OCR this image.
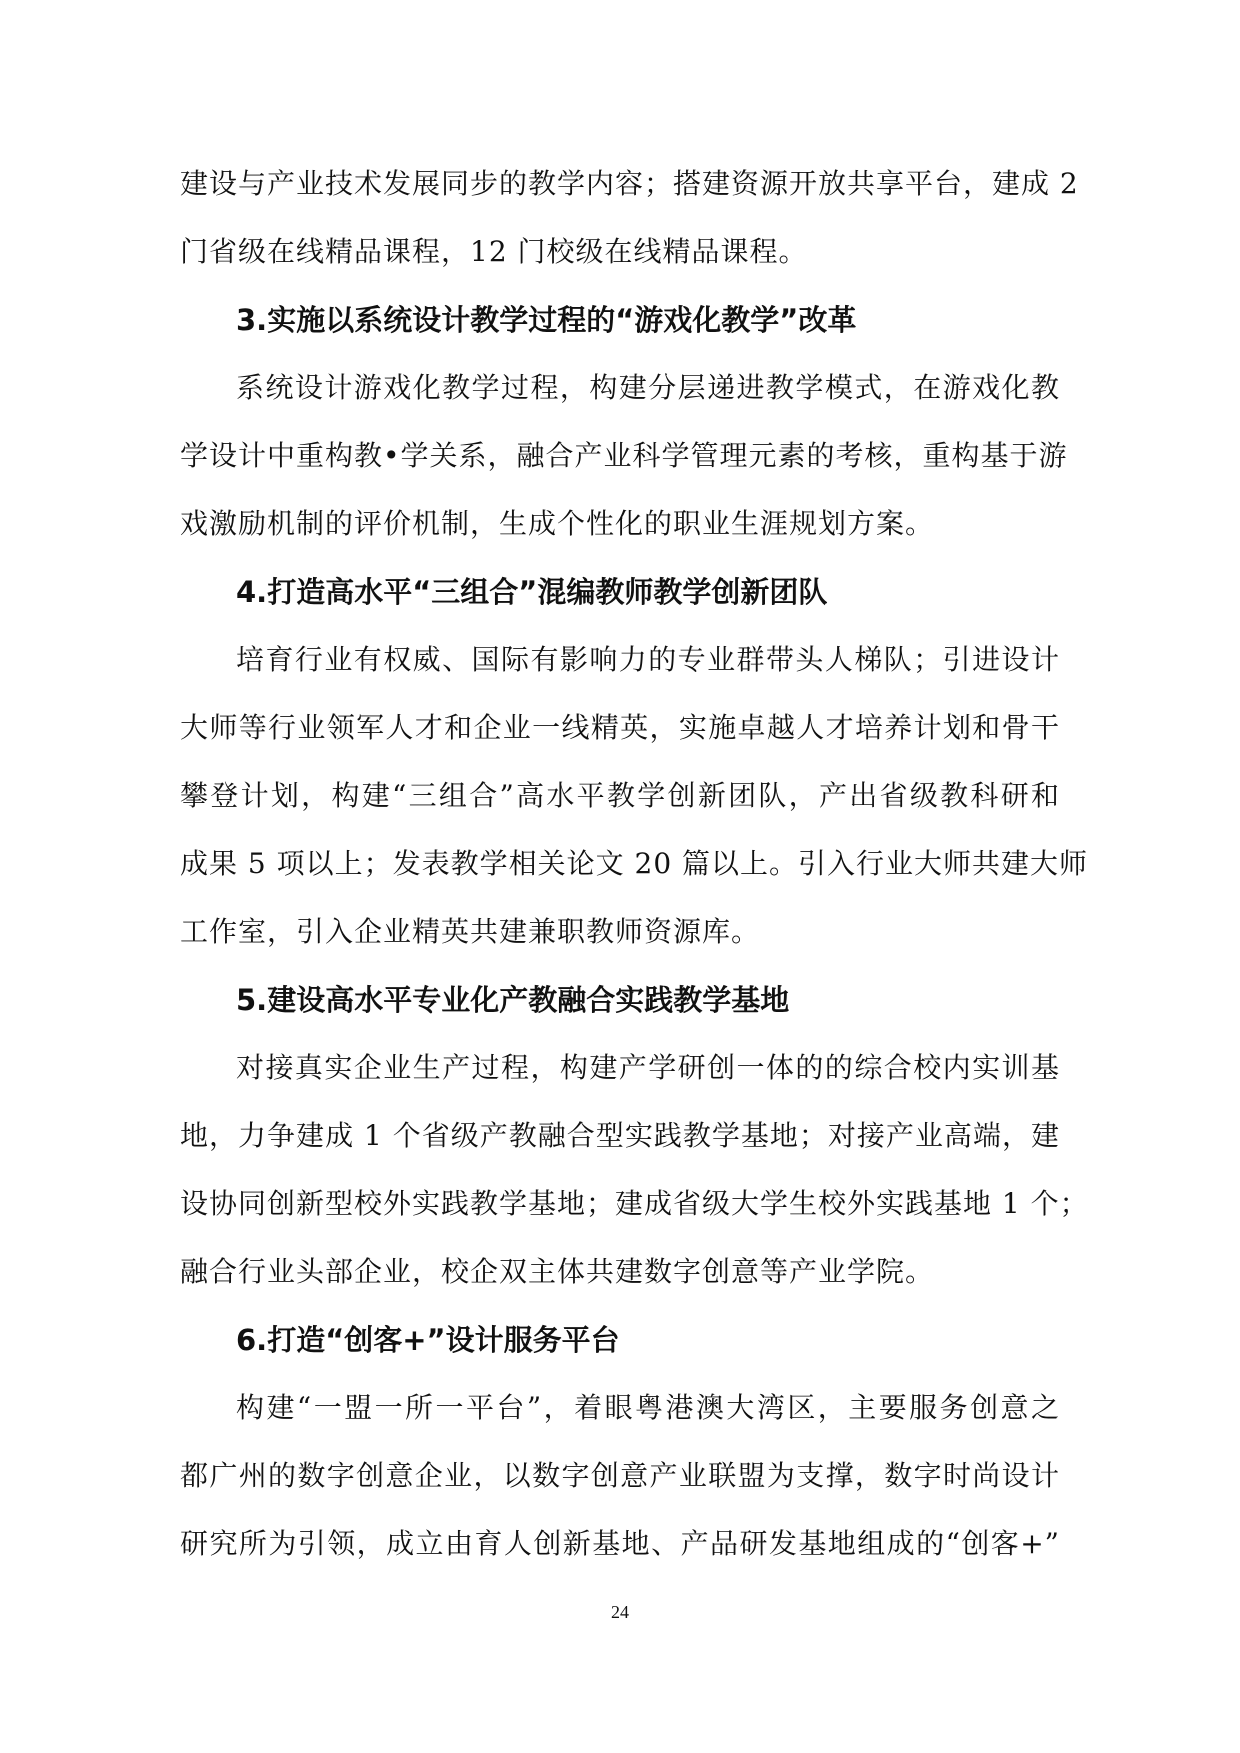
建设与产业技术发展同步的教学内容；搭建资源开放共享平台，建成 2
门省级在线精品课程，12 门校级在线精品课程。
3.实施以系统设计教学过程的“游戏化教学”改革
系统设计游戏化教学过程，构建分层递进教学模式，在游戏化教
学设计中重构教•学关系，融合产业科学管理元素的考核，重构基于游
戏激励机制的评价机制，生成个性化的职业生涯规划方案。
4.打造高水平“三组合”混编教师教学创新团队
培育行业有权威、国际有影响力的专业群带头人梯队；引进设计
大师等行业领军人才和企业一线精英，实施卓越人才培养计划和骨干
攀登计划，构建“三组合”高水平教学创新团队，产出省级教科研和
成果 5 项以上；发表教学相关论文 20 篇以上。引入行业大师共建大师
工作室，引入企业精英共建兼职教师资源库。
5.建设高水平专业化产教融合实践教学基地
对接真实企业生产过程，构建产学研创一体的的综合校内实训基
地，力争建成 1 个省级产教融合型实践教学基地；对接产业高端，建
设协同创新型校外实践教学基地；建成省级大学生校外实践基地 1 个；
融合行业头部企业，校企双主体共建数字创意等产业学院。
6.打造“创客+”设计服务平台
构建“一盟一所一平台”，着眼粤港澳大湾区，主要服务创意之
都广州的数字创意企业，以数字创意产业联盟为支撑，数字时尚设计
研究所为引领，成立由育人创新基地、产品研发基地组成的“创客+”
24
